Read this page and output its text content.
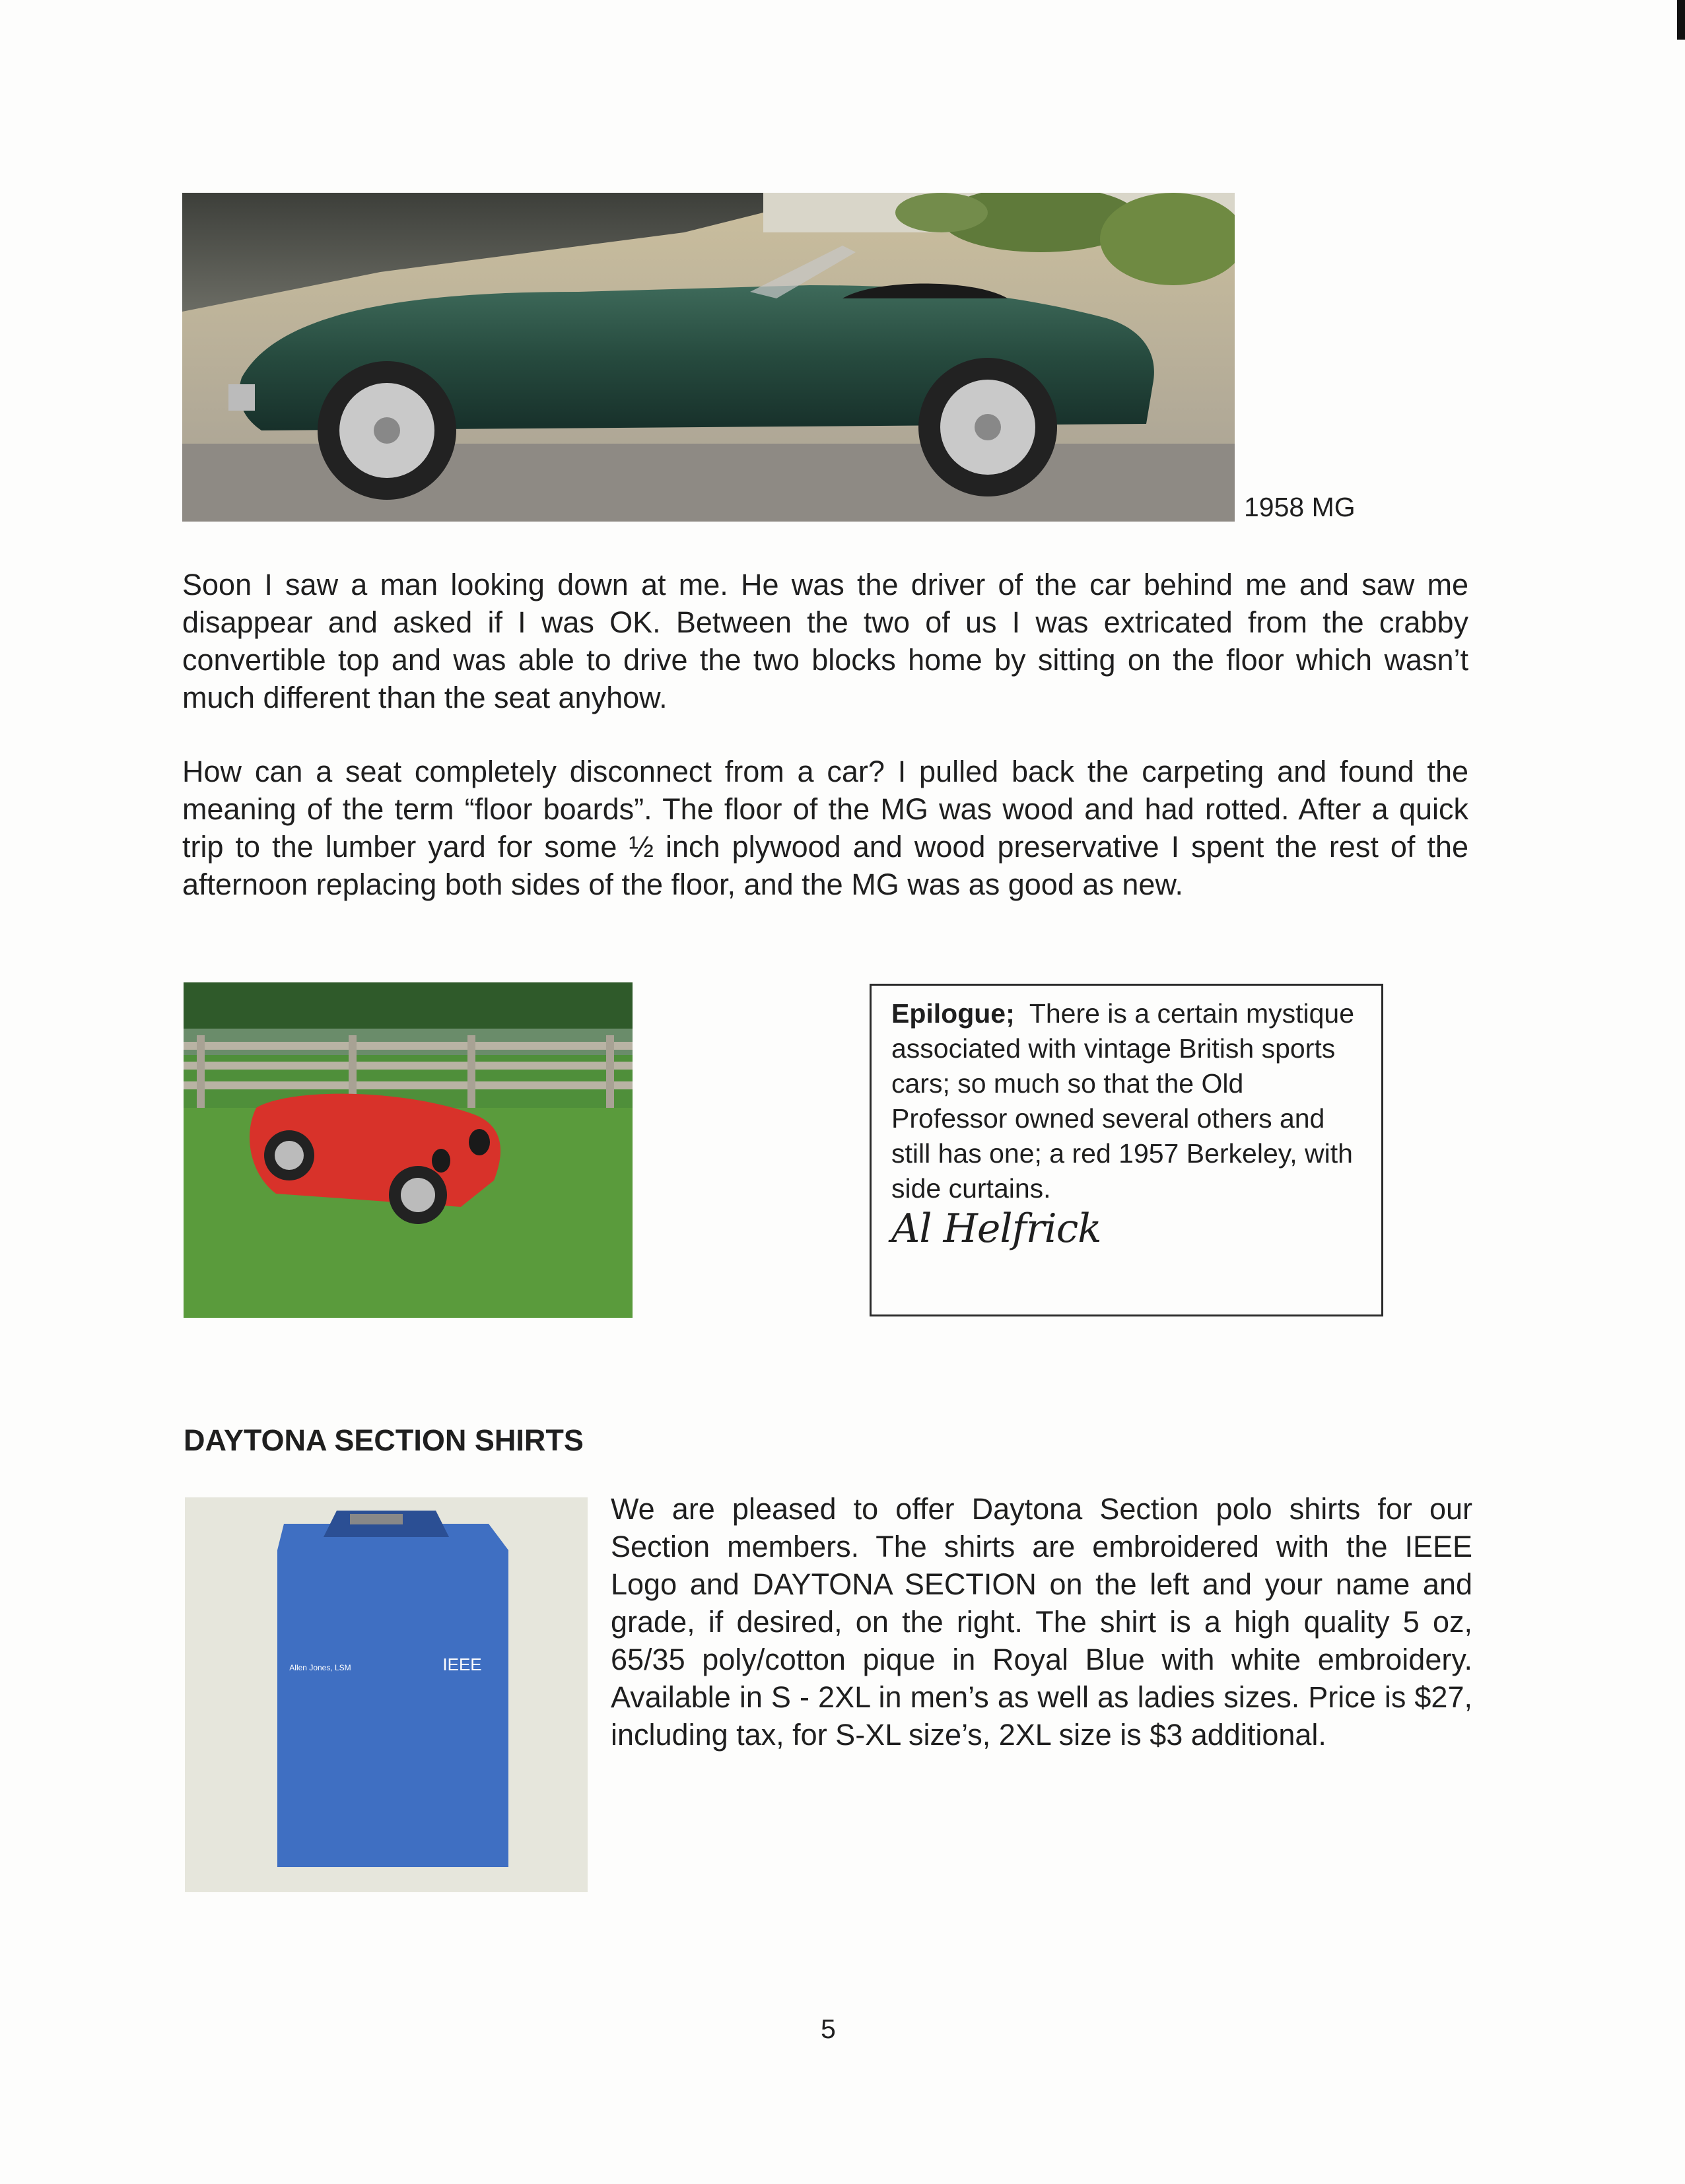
1958 MG

Soon I saw a man looking down at me. He was the driver of the car behind me and saw me disappear and asked if I was OK. Between the two of us I was extricated from the crabby convertible top and was able to drive the two blocks home by sitting on the floor which wasn’t much different than the seat anyhow.

How can a seat completely disconnect from a car? I pulled back the carpeting and found the meaning of the term “floor boards”. The floor of the MG was wood and had rotted. After a quick trip to the lumber yard for some ½ inch plywood and wood preservative I spent the rest of the afternoon replacing both sides of the floor, and the MG was as good as new.

Epilogue; There is a certain mystique associated with vintage British sports cars; so much so that the Old Professor owned several others and still has one; a red 1957 Berkeley, with side curtains.
Al Helfrick
DAYTONA SECTION SHIRTS
IEEE
Allen Jones, LSM

We are pleased to offer Daytona Section polo shirts for our Section members. The shirts are embroidered with the IEEE Logo and DAYTONA SECTION on the left and your name and grade, if desired, on the right. The shirt is a high quality 5 oz, 65/35 poly/cotton pique in Royal Blue with white embroidery. Available in S - 2XL in men’s as well as ladies sizes. Price is $27, including tax, for S-XL size’s, 2XL size is $3 additional.

5
